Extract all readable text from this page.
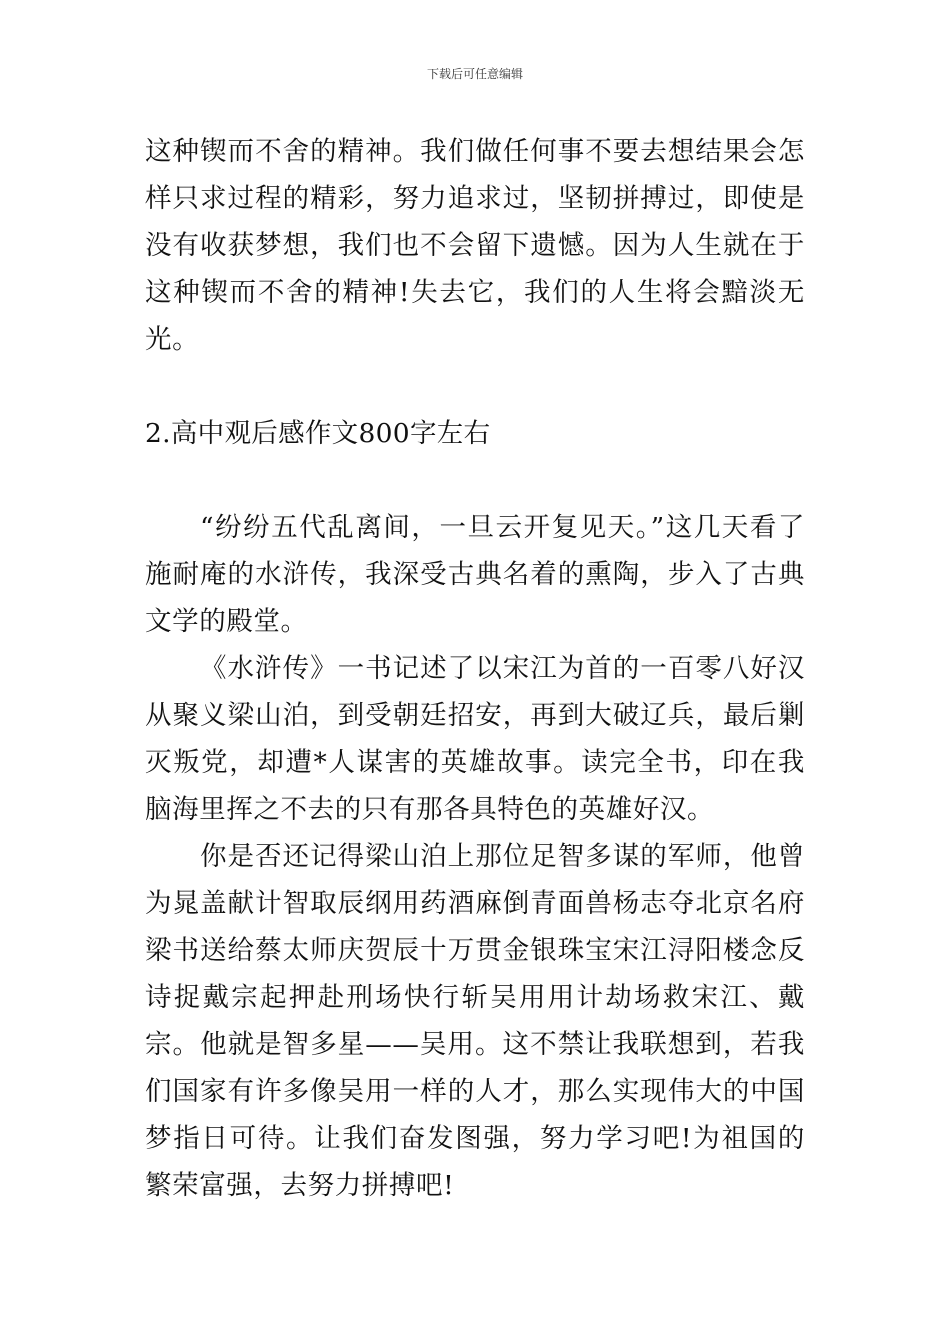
下载后可任意编辑

这种锲而不舍的精神。我们做任何事不要去想结果会怎样只求过程的精彩，努力追求过，坚韧拼搏过，即使是没有收获梦想，我们也不会留下遗憾。因为人生就在于这种锲而不舍的精神!失去它，我们的人生将会黯淡无光。

2.高中观后感作文800字左右

“纷纷五代乱离间，一旦云开复见天。”这几天看了施耐庵的水浒传，我深受古典名着的熏陶，步入了古典文学的殿堂。

《水浒传》一书记述了以宋江为首的一百零八好汉从聚义梁山泊，到受朝廷招安，再到大破辽兵，最后剿灭叛党，却遭*人谋害的英雄故事。读完全书，印在我脑海里挥之不去的只有那各具特色的英雄好汉。

你是否还记得梁山泊上那位足智多谋的军师，他曾为晁盖献计智取辰纲用药酒麻倒青面兽杨志夺北京名府梁书送给蔡太师庆贺辰十万贯金银珠宝宋江浔阳楼念反诗捉戴宗起押赴刑场快行斩吴用用计劫场救宋江、戴宗。他就是智多星——吴用。这不禁让我联想到，若我们国家有许多像吴用一样的人才，那么实现伟大的中国梦指日可待。让我们奋发图强，努力学习吧!为祖国的繁荣富强，去努力拼搏吧!
